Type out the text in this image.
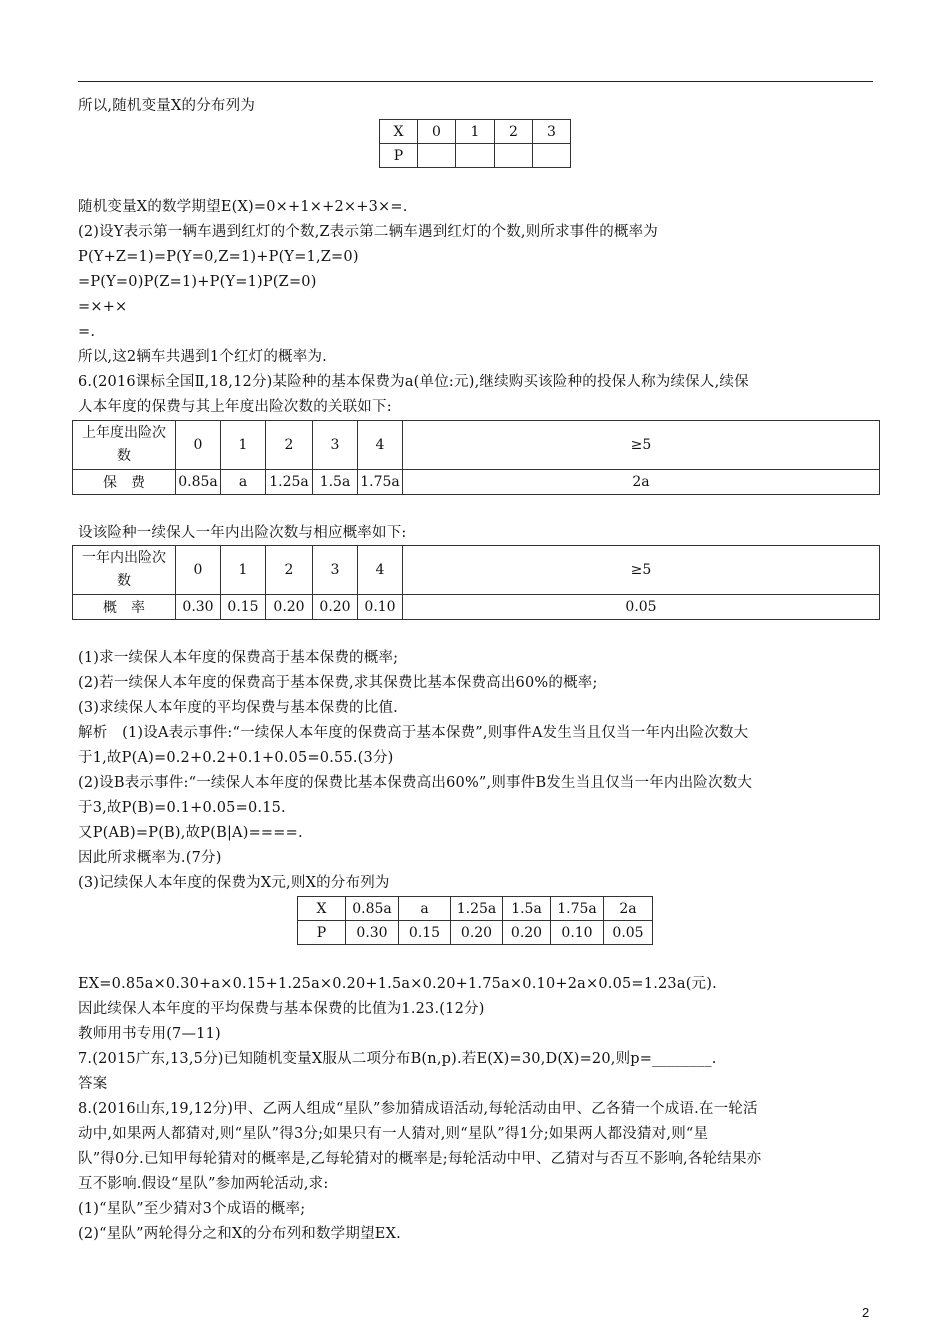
所以,随机变量X的分布列为
X	0	1	2	3
P				
随机变量X的数学期望E(X)=0×+1×+2×+3×=.
(2)设Y表示第一辆车遇到红灯的个数,Z表示第二辆车遇到红灯的个数,则所求事件的概率为
P(Y+Z=1)=P(Y=0,Z=1)+P(Y=1,Z=0)
=P(Y=0)P(Z=1)+P(Y=1)P(Z=0)
=×+×
=.
所以,这2辆车共遇到1个红灯的概率为.
6.(2016课标全国Ⅱ,18,12分)某险种的基本保费为a(单位:元),继续购买该险种的投保人称为续保人,续保
人本年度的保费与其上年度出险次数的关联如下:
上年度出险次
数	0	1	2	3	4	≥5
保　费	0.85a	a	1.25a	1.5a	1.75a	2a
设该险种一续保人一年内出险次数与相应概率如下:
一年内出险次
数	0	1	2	3	4	≥5
概　率	0.30	0.15	0.20	0.20	0.10	0.05
(1)求一续保人本年度的保费高于基本保费的概率;
(2)若一续保人本年度的保费高于基本保费,求其保费比基本保费高出60%的概率;
(3)求续保人本年度的平均保费与基本保费的比值.
解析　(1)设A表示事件:“一续保人本年度的保费高于基本保费”,则事件A发生当且仅当一年内出险次数大
于1,故P(A)=0.2+0.2+0.1+0.05=0.55.(3分)
(2)设B表示事件:“一续保人本年度的保费比基本保费高出60%”,则事件B发生当且仅当一年内出险次数大
于3,故P(B)=0.1+0.05=0.15.
又P(AB)=P(B),故P(B|A)====.
因此所求概率为.(7分)
(3)记续保人本年度的保费为X元,则X的分布列为
X	0.85a	a	1.25a	1.5a	1.75a	2a
P	0.30	0.15	0.20	0.20	0.10	0.05
EX=0.85a×0.30+a×0.15+1.25a×0.20+1.5a×0.20+1.75a×0.10+2a×0.05=1.23a(元).
因此续保人本年度的平均保费与基本保费的比值为1.23.(12分)
教师用书专用(7—11)
7.(2015广东,13,5分)已知随机变量X服从二项分布B(n,p).若E(X)=30,D(X)=20,则p=________.
答案
8.(2016山东,19,12分)甲、乙两人组成“星队”参加猜成语活动,每轮活动由甲、乙各猜一个成语.在一轮活
动中,如果两人都猜对,则“星队”得3分;如果只有一人猜对,则“星队”得1分;如果两人都没猜对,则“星
队”得0分.已知甲每轮猜对的概率是,乙每轮猜对的概率是;每轮活动中甲、乙猜对与否互不影响,各轮结果亦
互不影响.假设“星队”参加两轮活动,求:
(1)“星队”至少猜对3个成语的概率;
(2)“星队”两轮得分之和X的分布列和数学期望EX.
2
